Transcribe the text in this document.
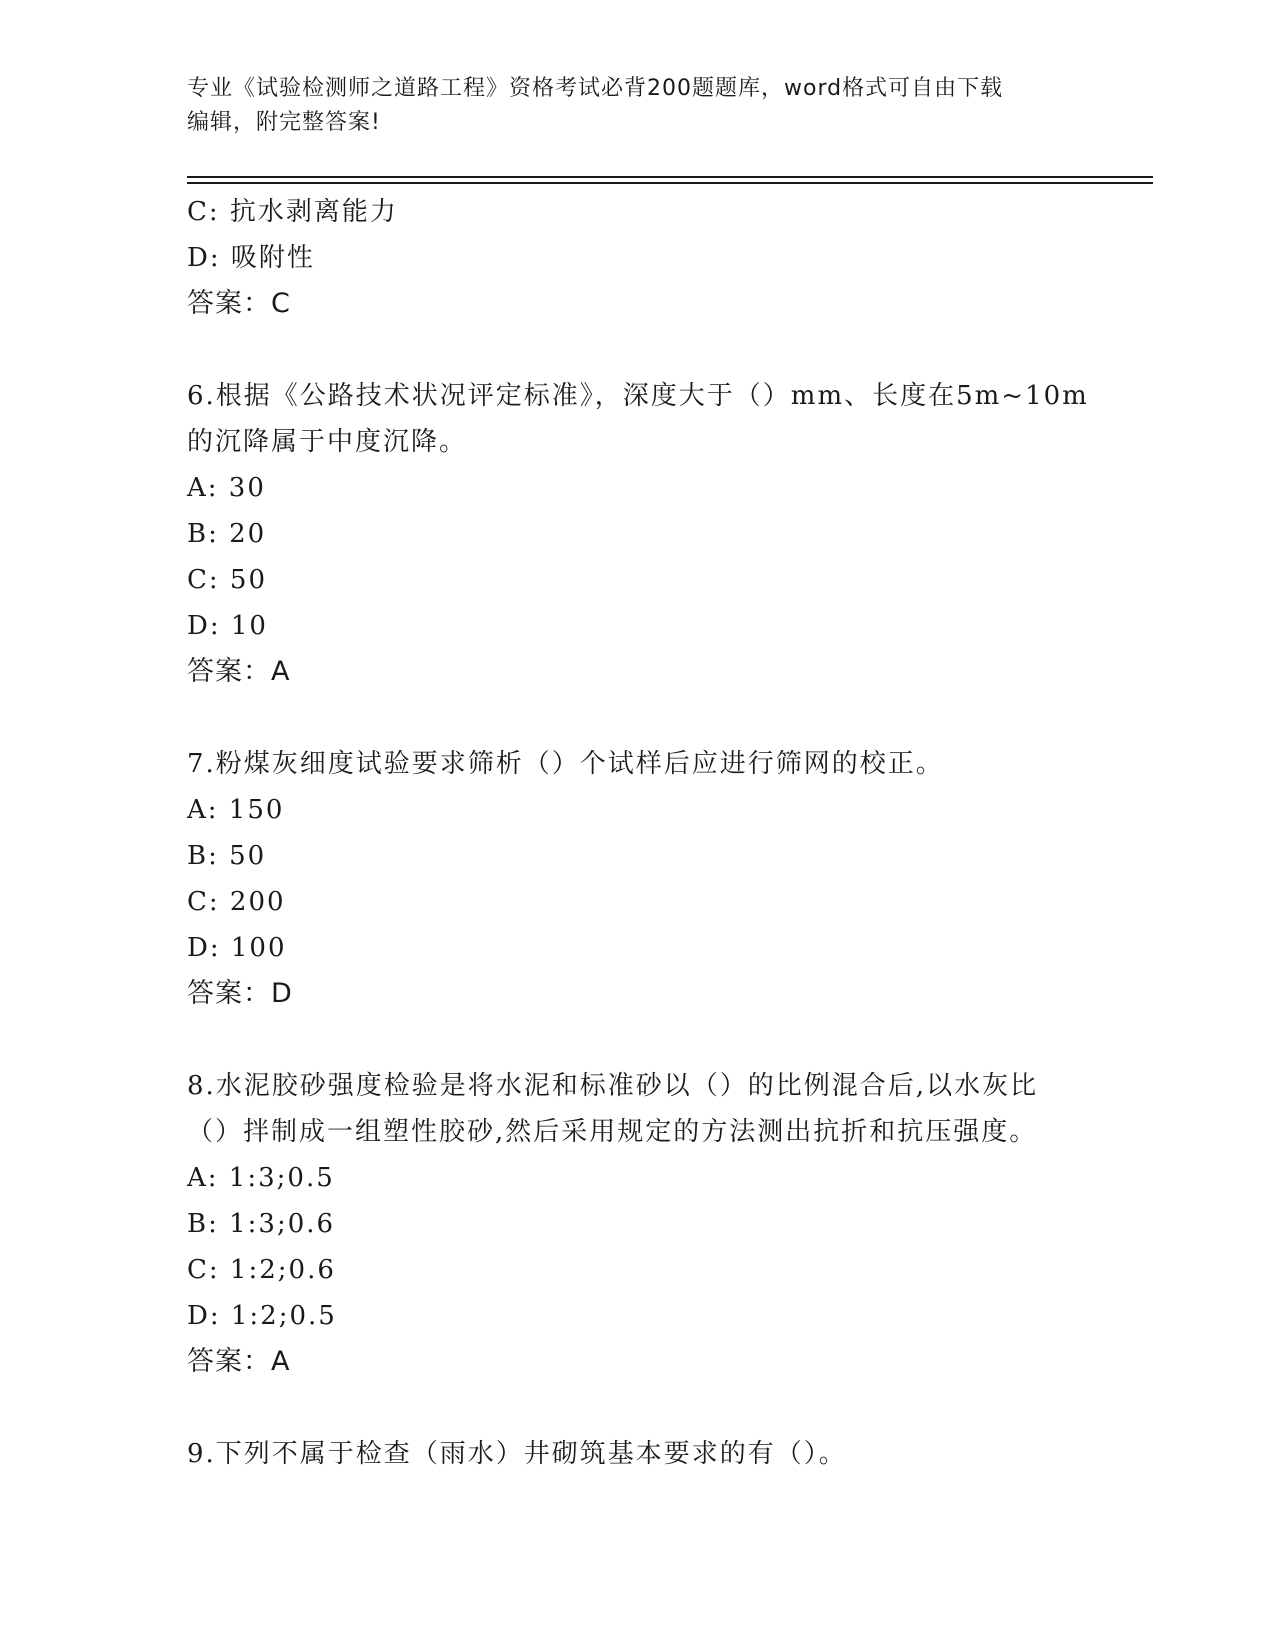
专业《试验检测师之道路工程》资格考试必背200题题库，word格式可自由下载
编辑，附完整答案!
C: 抗水剥离能力
D: 吸附性
答案：C
6.根据《公路技术状况评定标准》，深度大于（）mm、长度在5m~10m
的沉降属于中度沉降。
A: 30
B: 20
C: 50
D: 10
答案：A
7.粉煤灰细度试验要求筛析（）个试样后应进行筛网的校正。
A: 150
B: 50
C: 200
D: 100
答案：D
8.水泥胶砂强度检验是将水泥和标准砂以（）的比例混合后,以水灰比
（）拌制成一组塑性胶砂,然后采用规定的方法测出抗折和抗压强度。
A: 1:3;0.5
B: 1:3;0.6
C: 1:2;0.6
D: 1:2;0.5
答案：A
9.下列不属于检查（雨水）井砌筑基本要求的有（）。
